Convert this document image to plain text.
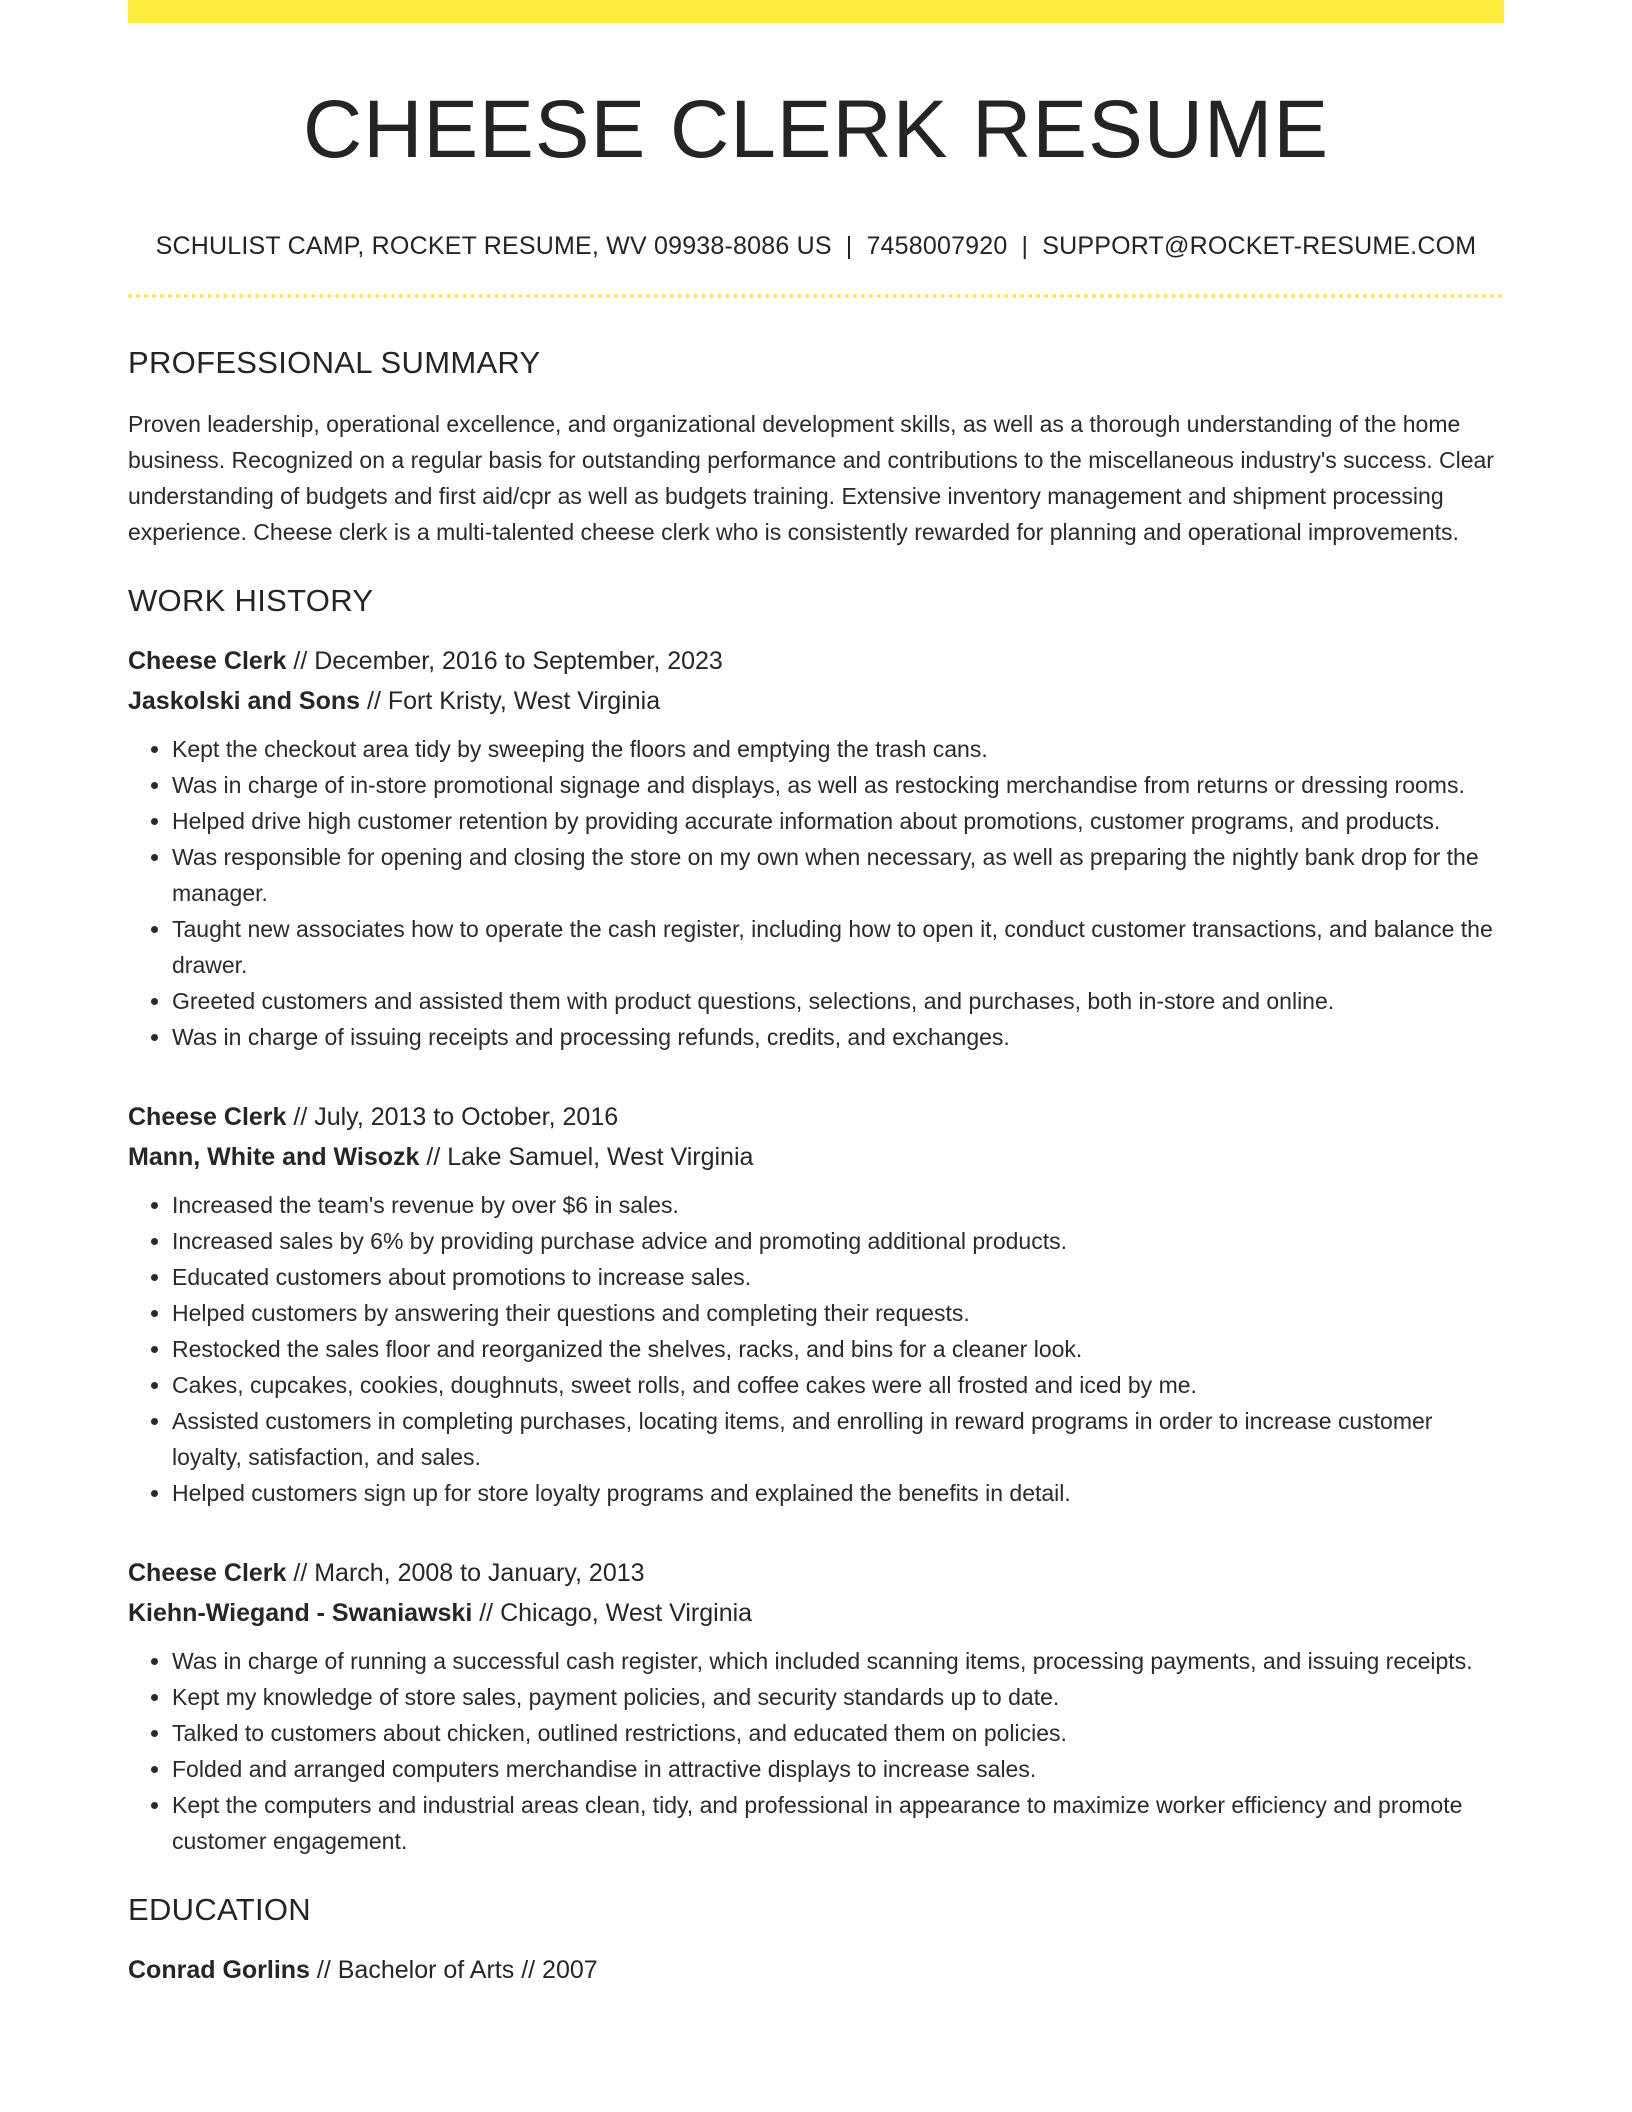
CHEESE CLERK RESUME
SCHULIST CAMP, ROCKET RESUME, WV 09938-8086 US | 7458007920 | SUPPORT@ROCKET-RESUME.COM
PROFESSIONAL SUMMARY

Proven leadership, operational excellence, and organizational development skills, as well as a thorough understanding of the home business. Recognized on a regular basis for outstanding performance and contributions to the miscellaneous industry's success. Clear understanding of budgets and first aid/cpr as well as budgets training. Extensive inventory management and shipment processing experience. Cheese clerk is a multi-talented cheese clerk who is consistently rewarded for planning and operational improvements.

WORK HISTORY
Cheese Clerk // December, 2016 to September, 2023
Jaskolski and Sons // Fort Kristy, West Virginia
• Kept the checkout area tidy by sweeping the floors and emptying the trash cans.
• Was in charge of in-store promotional signage and displays, as well as restocking merchandise from returns or dressing rooms.
• Helped drive high customer retention by providing accurate information about promotions, customer programs, and products.
• Was responsible for opening and closing the store on my own when necessary, as well as preparing the nightly bank drop for the manager.
• Taught new associates how to operate the cash register, including how to open it, conduct customer transactions, and balance the drawer.
• Greeted customers and assisted them with product questions, selections, and purchases, both in-store and online.
• Was in charge of issuing receipts and processing refunds, credits, and exchanges.
Cheese Clerk // July, 2013 to October, 2016
Mann, White and Wisozk // Lake Samuel, West Virginia
• Increased the team's revenue by over $6 in sales.
• Increased sales by 6% by providing purchase advice and promoting additional products.
• Educated customers about promotions to increase sales.
• Helped customers by answering their questions and completing their requests.
• Restocked the sales floor and reorganized the shelves, racks, and bins for a cleaner look.
• Cakes, cupcakes, cookies, doughnuts, sweet rolls, and coffee cakes were all frosted and iced by me.
• Assisted customers in completing purchases, locating items, and enrolling in reward programs in order to increase customer loyalty, satisfaction, and sales.
• Helped customers sign up for store loyalty programs and explained the benefits in detail.
Cheese Clerk // March, 2008 to January, 2013
Kiehn-Wiegand - Swaniawski // Chicago, West Virginia
• Was in charge of running a successful cash register, which included scanning items, processing payments, and issuing receipts.
• Kept my knowledge of store sales, payment policies, and security standards up to date.
• Talked to customers about chicken, outlined restrictions, and educated them on policies.
• Folded and arranged computers merchandise in attractive displays to increase sales.
• Kept the computers and industrial areas clean, tidy, and professional in appearance to maximize worker efficiency and promote customer engagement.
EDUCATION
Conrad Gorlins // Bachelor of Arts // 2007
